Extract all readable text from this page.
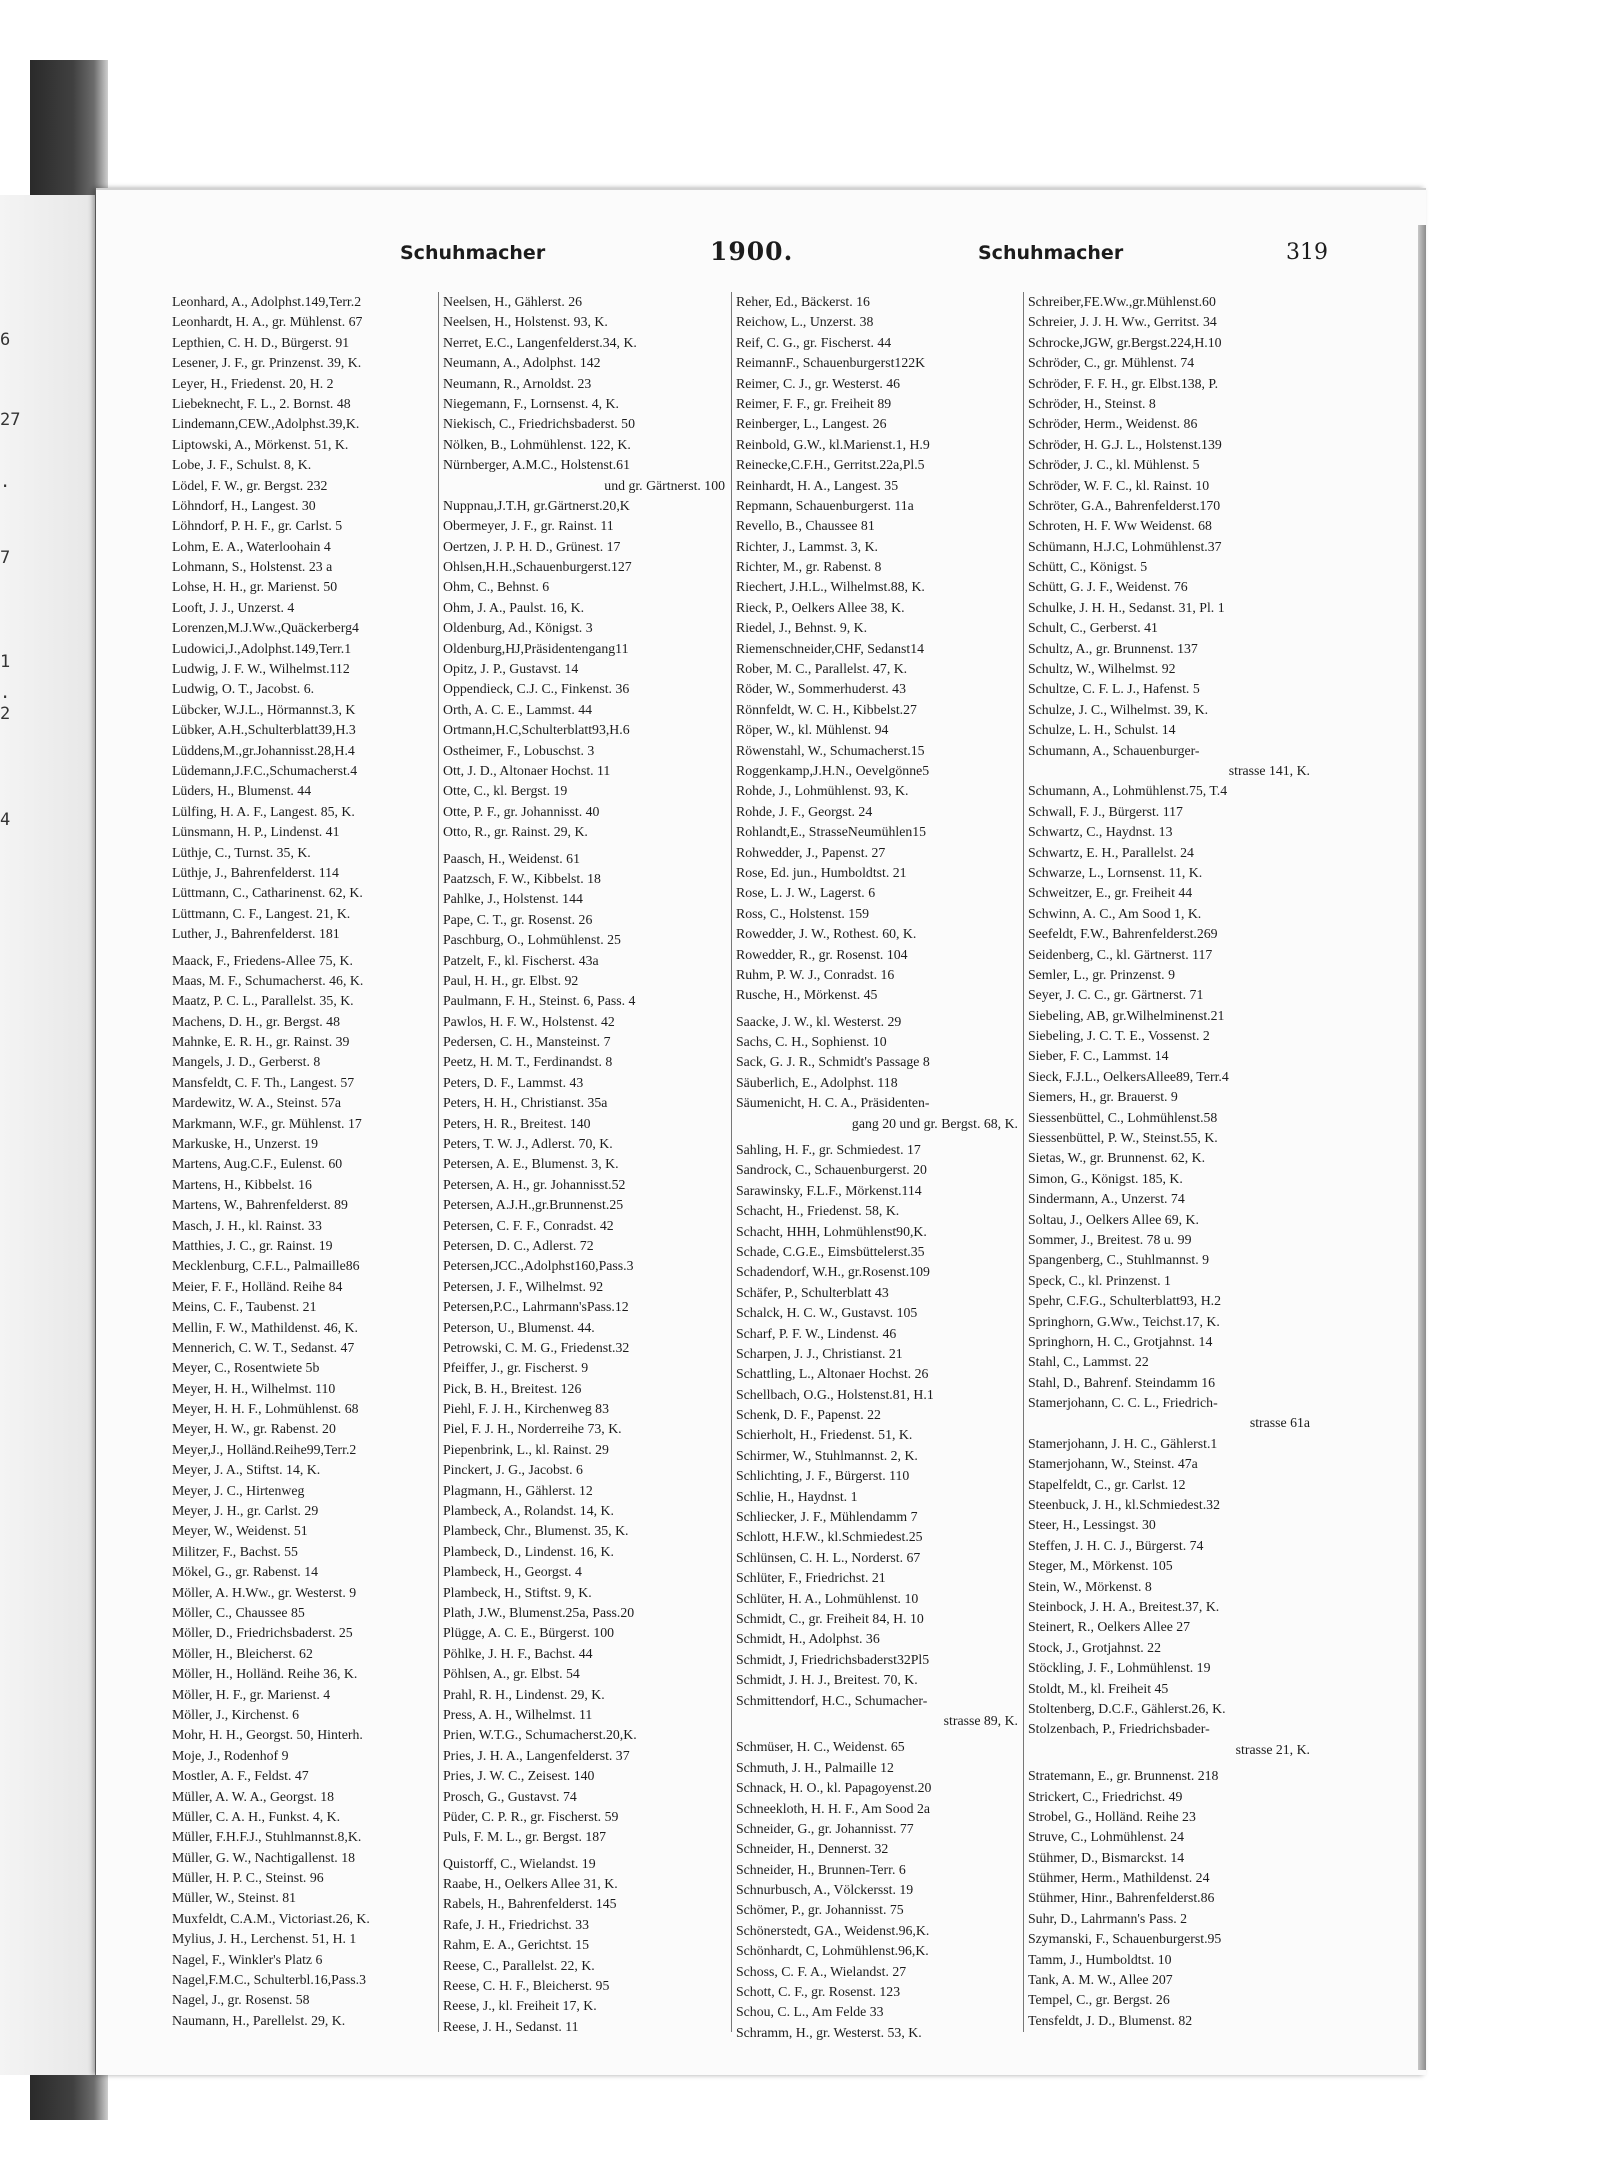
6
27
.
7
1
.
2
4
Schuhmacher	1900.	Schuhmacher	319
Leonhard, A., Adolphst.149,Terr.2
Leonhardt, H. A., gr. Mühlenst. 67
Lepthien, C. H. D., Bürgerst. 91
Lesener, J. F., gr. Prinzenst. 39, K.
Leyer, H., Friedenst. 20, H. 2
Liebeknecht, F. L., 2. Bornst. 48
Lindemann,CEW.,Adolphst.39,K.
Liptowski, A., Mörkenst. 51, K.
Lobe, J. F., Schulst. 8, K.
Lödel, F. W., gr. Bergst. 232
Löhndorf, H., Langest. 30
Löhndorf, P. H. F., gr. Carlst. 5
Lohm, E. A., Waterloohain 4
Lohmann, S., Holstenst. 23 a
Lohse, H. H., gr. Marienst. 50
Looft, J. J., Unzerst. 4
Lorenzen,M.J.Ww.,Quäckerberg4
Ludowici,J.,Adolphst.149,Terr.1
Ludwig, J. F. W., Wilhelmst.112
Ludwig, O. T., Jacobst. 6.
Lübcker, W.J.L., Hörmannst.3, K
Lübker, A.H.,Schulterblatt39,H.3
Lüddens,M.,gr.Johannisst.28,H.4
Lüdemann,J.F.C.,Schumacherst.4
Lüders, H., Blumenst. 44
Lülfing, H. A. F., Langest. 85, K.
Lünsmann, H. P., Lindenst. 41
Lüthje, C., Turnst. 35, K.
Lüthje, J., Bahrenfelderst. 114
Lüttmann, C., Catharinenst. 62, K.
Lüttmann, C. F., Langest. 21, K.
Luther, J., Bahrenfelderst. 181
Maack, F., Friedens-Allee 75, K.
Maas, M. F., Schumacherst. 46, K.
Maatz, P. C. L., Parallelst. 35, K.
Machens, D. H., gr. Bergst. 48
Mahnke, E. R. H., gr. Rainst. 39
Mangels, J. D., Gerberst. 8
Mansfeldt, C. F. Th., Langest. 57
Mardewitz, W. A., Steinst. 57a
Markmann, W.F., gr. Mühlenst. 17
Markuske, H., Unzerst. 19
Martens, Aug.C.F., Eulenst. 60
Martens, H., Kibbelst. 16
Martens, W., Bahrenfelderst. 89
Masch, J. H., kl. Rainst. 33
Matthies, J. C., gr. Rainst. 19
Mecklenburg, C.F.L., Palmaille86
Meier, F. F., Holländ. Reihe 84
Meins, C. F., Taubenst. 21
Mellin, F. W., Mathildenst. 46, K.
Mennerich, C. W. T., Sedanst. 47
Meyer, C., Rosentwiete 5b
Meyer, H. H., Wilhelmst. 110
Meyer, H. H. F., Lohmühlenst. 68
Meyer, H. W., gr. Rabenst. 20
Meyer,J., Holländ.Reihe99,Terr.2
Meyer, J. A., Stiftst. 14, K.
Meyer, J. C., Hirtenweg
Meyer, J. H., gr. Carlst. 29
Meyer, W., Weidenst. 51
Militzer, F., Bachst. 55
Mökel, G., gr. Rabenst. 14
Möller, A. H.Ww., gr. Westerst. 9
Möller, C., Chaussee 85
Möller, D., Friedrichsbaderst. 25
Möller, H., Bleicherst. 62
Möller, H., Holländ. Reihe 36, K.
Möller, H. F., gr. Marienst. 4
Möller, J., Kirchenst. 6
Mohr, H. H., Georgst. 50, Hinterh.
Moje, J., Rodenhof 9
Mostler, A. F., Feldst. 47
Müller, A. W. A., Georgst. 18
Müller, C. A. H., Funkst. 4, K.
Müller, F.H.F.J., Stuhlmannst.8,K.
Müller, G. W., Nachtigallenst. 18
Müller, H. P. C., Steinst. 96
Müller, W., Steinst. 81
Muxfeldt, C.A.M., Victoriast.26, K.
Mylius, J. H., Lerchenst. 51, H. 1
Nagel, F., Winkler's Platz 6
Nagel,F.M.C., Schulterbl.16,Pass.3
Nagel, J., gr. Rosenst. 58
Naumann, H., Parellelst. 29, K.
Neelsen, H., Gählerst. 26
Neelsen, H., Holstenst. 93, K.
Nerret, E.C., Langenfelderst.34, K.
Neumann, A., Adolphst. 142
Neumann, R., Arnoldst. 23
Niegemann, F., Lornsenst. 4, K.
Niekisch, C., Friedrichsbaderst. 50
Nölken, B., Lohmühlenst. 122, K.
Nürnberger, A.M.C., Holstenst.61
und gr. Gärtnerst. 100
Nuppnau,J.T.H, gr.Gärtnerst.20,K
Obermeyer, J. F., gr. Rainst. 11
Oertzen, J. P. H. D., Grünest. 17
Ohlsen,H.H.,Schauenburgerst.127
Ohm, C., Behnst. 6
Ohm, J. A., Paulst. 16, K.
Oldenburg, Ad., Königst. 3
Oldenburg,HJ,Präsidentengang11
Opitz, J. P., Gustavst. 14
Oppendieck, C.J. C., Finkenst. 36
Orth, A. C. E., Lammst. 44
Ortmann,H.C,Schulterblatt93,H.6
Ostheimer, F., Lobuschst. 3
Ott, J. D., Altonaer Hochst. 11
Otte, C., kl. Bergst. 19
Otte, P. F., gr. Johannisst. 40
Otto, R., gr. Rainst. 29, K.
Paasch, H., Weidenst. 61
Paatzsch, F. W., Kibbelst. 18
Pahlke, J., Holstenst. 144
Pape, C. T., gr. Rosenst. 26
Paschburg, O., Lohmühlenst. 25
Patzelt, F., kl. Fischerst. 43a
Paul, H. H., gr. Elbst. 92
Paulmann, F. H., Steinst. 6, Pass. 4
Pawlos, H. F. W., Holstenst. 42
Pedersen, C. H., Mansteinst. 7
Peetz, H. M. T., Ferdinandst. 8
Peters, D. F., Lammst. 43
Peters, H. H., Christianst. 35a
Peters, H. R., Breitest. 140
Peters, T. W. J., Adlerst. 70, K.
Petersen, A. E., Blumenst. 3, K.
Petersen, A. H., gr. Johannisst.52
Petersen, A.J.H.,gr.Brunnenst.25
Petersen, C. F. F., Conradst. 42
Petersen, D. C., Adlerst. 72
Petersen,JCC.,Adolphst160,Pass.3
Petersen, J. F., Wilhelmst. 92
Petersen,P.C., Lahrmann'sPass.12
Peterson, U., Blumenst. 44.
Petrowski, C. M. G., Friedenst.32
Pfeiffer, J., gr. Fischerst. 9
Pick, B. H., Breitest. 126
Piehl, F. J. H., Kirchenweg 83
Piel, F. J. H., Norderreihe 73, K.
Piepenbrink, L., kl. Rainst. 29
Pinckert, J. G., Jacobst. 6
Plagmann, H., Gählerst. 12
Plambeck, A., Rolandst. 14, K.
Plambeck, Chr., Blumenst. 35, K.
Plambeck, D., Lindenst. 16, K.
Plambeck, H., Georgst. 4
Plambeck, H., Stiftst. 9, K.
Plath, J.W., Blumenst.25a, Pass.20
Plügge, A. C. E., Bürgerst. 100
Pöhlke, J. H. F., Bachst. 44
Pöhlsen, A., gr. Elbst. 54
Prahl, R. H., Lindenst. 29, K.
Press, A. H., Wilhelmst. 11
Prien, W.T.G., Schumacherst.20,K.
Pries, J. H. A., Langenfelderst. 37
Pries, J. W. C., Zeisest. 140
Prosch, G., Gustavst. 74
Püder, C. P. R., gr. Fischerst. 59
Puls, F. M. L., gr. Bergst. 187
Quistorff, C., Wielandst. 19
Raabe, H., Oelkers Allee 31, K.
Rabels, H., Bahrenfelderst. 145
Rafe, J. H., Friedrichst. 33
Rahm, E. A., Gerichtst. 15
Reese, C., Parallelst. 22, K.
Reese, C. H. F., Bleicherst. 95
Reese, J., kl. Freiheit 17, K.
Reese, J. H., Sedanst. 11
Reher, Ed., Bäckerst. 16
Reichow, L., Unzerst. 38
Reif, C. G., gr. Fischerst. 44
ReimannF., Schauenburgerst122K
Reimer, C. J., gr. Westerst. 46
Reimer, F. F., gr. Freiheit 89
Reinberger, L., Langest. 26
Reinbold, G.W., kl.Marienst.1, H.9
Reinecke,C.F.H., Gerritst.22a,Pl.5
Reinhardt, H. A., Langest. 35
Repmann, Schauenburgerst. 11a
Revello, B., Chaussee 81
Richter, J., Lammst. 3, K.
Richter, M., gr. Rabenst. 8
Riechert, J.H.L., Wilhelmst.88, K.
Rieck, P., Oelkers Allee 38, K.
Riedel, J., Behnst. 9, K.
Riemenschneider,CHF, Sedanst14
Rober, M. C., Parallelst. 47, K.
Röder, W., Sommerhuderst. 43
Rönnfeldt, W. C. H., Kibbelst.27
Röper, W., kl. Mühlenst. 94
Röwenstahl, W., Schumacherst.15
Roggenkamp,J.H.N., Oevelgönne5
Rohde, J., Lohmühlenst. 93, K.
Rohde, J. F., Georgst. 24
Rohlandt,E., StrasseNeumühlen15
Rohwedder, J., Papenst. 27
Rose, Ed. jun., Humboldtst. 21
Rose, L. J. W., Lagerst. 6
Ross, C., Holstenst. 159
Rowedder, J. W., Rothest. 60, K.
Rowedder, R., gr. Rosenst. 104
Ruhm, P. W. J., Conradst. 16
Rusche, H., Mörkenst. 45
Saacke, J. W., kl. Westerst. 29
Sachs, C. H., Sophienst. 10
Sack, G. J. R., Schmidt's Passage 8
Säuberlich, E., Adolphst. 118
Säumenicht, H. C. A., Präsidenten-
gang 20 und gr. Bergst. 68, K.
Sahling, H. F., gr. Schmiedest. 17
Sandrock, C., Schauenburgerst. 20
Sarawinsky, F.L.F., Mörkenst.114
Schacht, H., Friedenst. 58, K.
Schacht, HHH, Lohmühlenst90,K.
Schade, C.G.E., Eimsbüttelerst.35
Schadendorf, W.H., gr.Rosenst.109
Schäfer, P., Schulterblatt 43
Schalck, H. C. W., Gustavst. 105
Scharf, P. F. W., Lindenst. 46
Scharpen, J. J., Christianst. 21
Schattling, L., Altonaer Hochst. 26
Schellbach, O.G., Holstenst.81, H.1
Schenk, D. F., Papenst. 22
Schierholt, H., Friedenst. 51, K.
Schirmer, W., Stuhlmannst. 2, K.
Schlichting, J. F., Bürgerst. 110
Schlie, H., Haydnst. 1
Schliecker, J. F., Mühlendamm 7
Schlott, H.F.W., kl.Schmiedest.25
Schlünsen, C. H. L., Norderst. 67
Schlüter, F., Friedrichst. 21
Schlüter, H. A., Lohmühlenst. 10
Schmidt, C., gr. Freiheit 84, H. 10
Schmidt, H., Adolphst. 36
Schmidt, J, Friedrichsbaderst32Pl5
Schmidt, J. H. J., Breitest. 70, K.
Schmittendorf, H.C., Schumacher-
strasse 89, K.
Schmüser, H. C., Weidenst. 65
Schmuth, J. H., Palmaille 12
Schnack, H. O., kl. Papagoyenst.20
Schneekloth, H. H. F., Am Sood 2a
Schneider, G., gr. Johannisst. 77
Schneider, H., Dennerst. 32
Schneider, H., Brunnen-Terr. 6
Schnurbusch, A., Völckersst. 19
Schömer, P., gr. Johannisst. 75
Schönerstedt, GA., Weidenst.96,K.
Schönhardt, C, Lohmühlenst.96,K.
Schoss, C. F. A., Wielandst. 27
Schott, C. F., gr. Rosenst. 123
Schou, C. L., Am Felde 33
Schramm, H., gr. Westerst. 53, K.
Schreiber,FE.Ww.,gr.Mühlenst.60
Schreier, J. J. H. Ww., Gerritst. 34
Schrocke,JGW, gr.Bergst.224,H.10
Schröder, C., gr. Mühlenst. 74
Schröder, F. F. H., gr. Elbst.138, P.
Schröder, H., Steinst. 8
Schröder, Herm., Weidenst. 86
Schröder, H. G.J. L., Holstenst.139
Schröder, J. C., kl. Mühlenst. 5
Schröder, W. F. C., kl. Rainst. 10
Schröter, G.A., Bahrenfelderst.170
Schroten, H. F. Ww Weidenst. 68
Schümann, H.J.C, Lohmühlenst.37
Schütt, C., Königst. 5
Schütt, G. J. F., Weidenst. 76
Schulke, J. H. H., Sedanst. 31, Pl. 1
Schult, C., Gerberst. 41
Schultz, A., gr. Brunnenst. 137
Schultz, W., Wilhelmst. 92
Schultze, C. F. L. J., Hafenst. 5
Schulze, J. C., Wilhelmst. 39, K.
Schulze, L. H., Schulst. 14
Schumann, A., Schauenburger-
strasse 141, K.
Schumann, A., Lohmühlenst.75, T.4
Schwall, F. J., Bürgerst. 117
Schwartz, C., Haydnst. 13
Schwartz, E. H., Parallelst. 24
Schwarze, L., Lornsenst. 11, K.
Schweitzer, E., gr. Freiheit 44
Schwinn, A. C., Am Sood 1, K.
Seefeldt, F.W., Bahrenfelderst.269
Seidenberg, C., kl. Gärtnerst. 117
Semler, L., gr. Prinzenst. 9
Seyer, J. C. C., gr. Gärtnerst. 71
Siebeling, AB, gr.Wilhelminenst.21
Siebeling, J. C. T. E., Vossenst. 2
Sieber, F. C., Lammst. 14
Sieck, F.J.L., OelkersAllee89, Terr.4
Siemers, H., gr. Brauerst. 9
Siessenbüttel, C., Lohmühlenst.58
Siessenbüttel, P. W., Steinst.55, K.
Sietas, W., gr. Brunnenst. 62, K.
Simon, G., Königst. 185, K.
Sindermann, A., Unzerst. 74
Soltau, J., Oelkers Allee 69, K.
Sommer, J., Breitest. 78 u. 99
Spangenberg, C., Stuhlmannst. 9
Speck, C., kl. Prinzenst. 1
Spehr, C.F.G., Schulterblatt93, H.2
Springhorn, G.Ww., Teichst.17, K.
Springhorn, H. C., Grotjahnst. 14
Stahl, C., Lammst. 22
Stahl, D., Bahrenf. Steindamm 16
Stamerjohann, C. C. L., Friedrich-
strasse 61a
Stamerjohann, J. H. C., Gählerst.1
Stamerjohann, W., Steinst. 47a
Stapelfeldt, C., gr. Carlst. 12
Steenbuck, J. H., kl.Schmiedest.32
Steer, H., Lessingst. 30
Steffen, J. H. C. J., Bürgerst. 74
Steger, M., Mörkenst. 105
Stein, W., Mörkenst. 8
Steinbock, J. H. A., Breitest.37, K.
Steinert, R., Oelkers Allee 27
Stock, J., Grotjahnst. 22
Stöckling, J. F., Lohmühlenst. 19
Stoldt, M., kl. Freiheit 45
Stoltenberg, D.C.F., Gählerst.26, K.
Stolzenbach, P., Friedrichsbader-
strasse 21, K.
Stratemann, E., gr. Brunnenst. 218
Strickert, C., Friedrichst. 49
Strobel, G., Holländ. Reihe 23
Struve, C., Lohmühlenst. 24
Stühmer, D., Bismarckst. 14
Stühmer, Herm., Mathildenst. 24
Stühmer, Hinr., Bahrenfelderst.86
Suhr, D., Lahrmann's Pass. 2
Szymanski, F., Schauenburgerst.95
Tamm, J., Humboldtst. 10
Tank, A. M. W., Allee 207
Tempel, C., gr. Bergst. 26
Tensfeldt, J. D., Blumenst. 82
